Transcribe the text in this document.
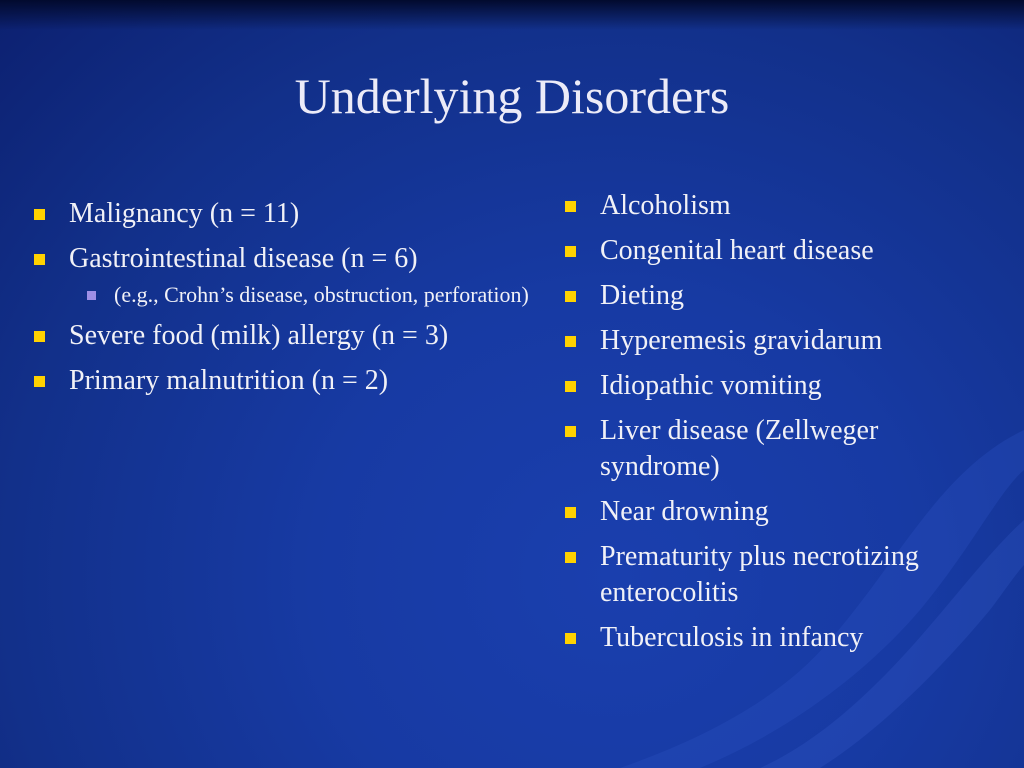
Underlying Disorders
Malignancy (n = 11)
Gastrointestinal disease (n = 6)
(e.g., Crohn’s disease, obstruction, perforation)
Severe food (milk) allergy (n = 3)
Primary malnutrition (n = 2)
Alcoholism
Congenital heart disease
Dieting
Hyperemesis gravidarum
Idiopathic vomiting
Liver disease (Zellweger syndrome)
Near drowning
Prematurity plus necrotizing enterocolitis
Tuberculosis in infancy
